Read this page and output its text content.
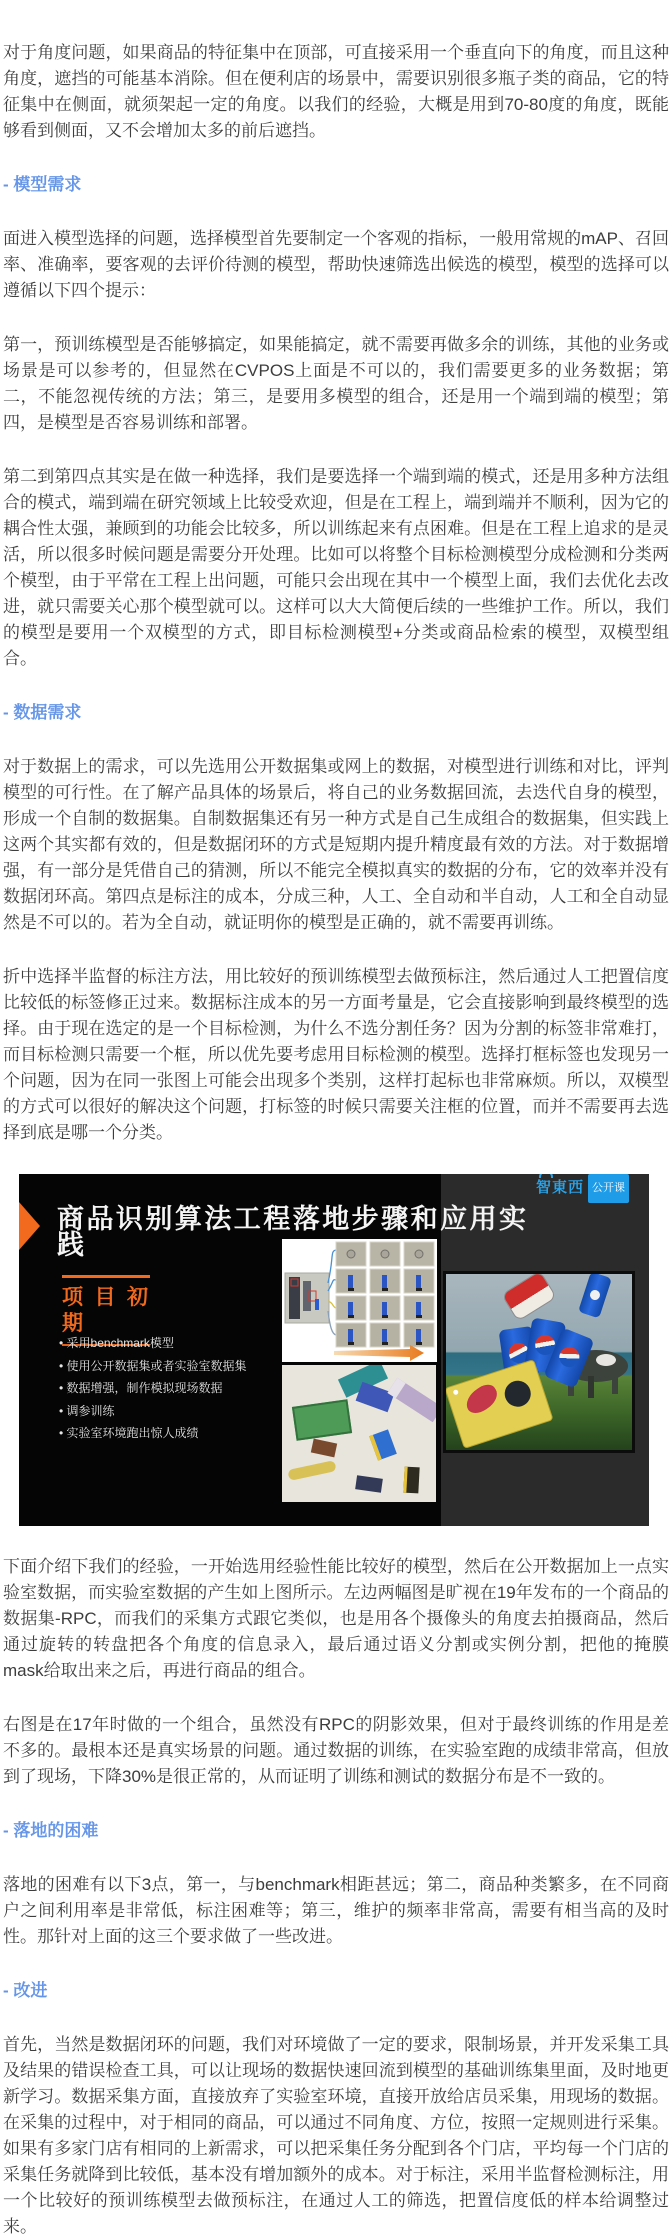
对于角度问题，如果商品的特征集中在顶部，可直接采用一个垂直向下的角度，而且这种角度，遮挡的可能基本消除。但在便利店的场景中，需要识别很多瓶子类的商品，它的特征集中在侧面，就须架起一定的角度。以我们的经验，大概是用到70-80度的角度，既能够看到侧面，又不会增加太多的前后遮挡。

- 模型需求

面进入模型选择的问题，选择模型首先要制定一个客观的指标，一般用常规的mAP、召回率、准确率，要客观的去评价待测的模型，帮助快速筛选出候选的模型，模型的选择可以遵循以下四个提示：

第一，预训练模型是否能够搞定，如果能搞定，就不需要再做多余的训练，其他的业务或场景是可以参考的，但显然在CVPOS上面是不可以的，我们需要更多的业务数据；第二，不能忽视传统的方法；第三，是要用多模型的组合，还是用一个端到端的模型；第四，是模型是否容易训练和部署。

第二到第四点其实是在做一种选择，我们是要选择一个端到端的模式，还是用多种方法组合的模式，端到端在研究领域上比较受欢迎，但是在工程上，端到端并不顺利，因为它的耦合性太强，兼顾到的功能会比较多，所以训练起来有点困难。但是在工程上追求的是灵活，所以很多时候问题是需要分开处理。比如可以将整个目标检测模型分成检测和分类两个模型，由于平常在工程上出问题，可能只会出现在其中一个模型上面，我们去优化去改进，就只需要关心那个模型就可以。这样可以大大简便后续的一些维护工作。所以，我们的模型是要用一个双模型的方式，即目标检测模型+分类或商品检索的模型，双模型组合。

- 数据需求

对于数据上的需求，可以先选用公开数据集或网上的数据，对模型进行训练和对比，评判模型的可行性。在了解产品具体的场景后，将自己的业务数据回流，去迭代自身的模型，形成一个自制的数据集。自制数据集还有另一种方式是自己生成组合的数据集，但实践上这两个其实都有效的，但是数据闭环的方式是短期内提升精度最有效的方法。对于数据增强，有一部分是凭借自己的猜测，所以不能完全模拟真实的数据的分布，它的效率并没有数据闭环高。第四点是标注的成本，分成三种，人工、全自动和半自动，人工和全自动显然是不可以的。若为全自动，就证明你的模型是正确的，就不需要再训练。

折中选择半监督的标注方法，用比较好的预训练模型去做预标注，然后通过人工把置信度比较低的标签修正过来。数据标注成本的另一方面考量是，它会直接影响到最终模型的选择。由于现在选定的是一个目标检测，为什么不选分割任务？因为分割的标签非常难打，而目标检测只需要一个框，所以优先要考虑用目标检测的模型。选择打框标签也发现另一个问题，因为在同一张图上可能会出现多个类别，这样打起标也非常麻烦。所以，双模型的方式可以很好的解决这个问题，打标签的时候只需要关注框的位置，而并不需要再去选择到底是哪一个分类。

商品识别算法工程落地步骤和应用实践
智東西 公开课
项目初期
• 采用benchmark模型
• 使用公开数据集或者实验室数据集
• 数据增强，制作模拟现场数据
• 调参训练
• 实验室环境跑出惊人成绩

下面介绍下我们的经验，一开始选用经验性能比较好的模型，然后在公开数据加上一点实验室数据，而实验室数据的产生如上图所示。左边两幅图是旷视在19年发布的一个商品的数据集-RPC，而我们的采集方式跟它类似，也是用各个摄像头的角度去拍摄商品，然后通过旋转的转盘把各个角度的信息录入，最后通过语义分割或实例分割，把他的掩膜mask给取出来之后，再进行商品的组合。

右图是在17年时做的一个组合，虽然没有RPC的阴影效果，但对于最终训练的作用是差不多的。最根本还是真实场景的问题。通过数据的训练，在实验室跑的成绩非常高，但放到了现场，下降30%是很正常的，从而证明了训练和测试的数据分布是不一致的。

- 落地的困难

落地的困难有以下3点，第一，与benchmark相距甚远；第二，商品种类繁多，在不同商户之间利用率是非常低，标注困难等；第三，维护的频率非常高，需要有相当高的及时性。那针对上面的这三个要求做了一些改进。

- 改进

首先，当然是数据闭环的问题，我们对环境做了一定的要求，限制场景，并开发采集工具及结果的错误检查工具，可以让现场的数据快速回流到模型的基础训练集里面，及时地更新学习。数据采集方面，直接放弃了实验室环境，直接开放给店员采集，用现场的数据。在采集的过程中，对于相同的商品，可以通过不同角度、方位，按照一定规则进行采集。如果有多家门店有相同的上新需求，可以把采集任务分配到各个门店，平均每一个门店的采集任务就降到比较低，基本没有增加额外的成本。对于标注，采用半监督检测标注，用一个比较好的预训练模型去做预标注，在通过人工的筛选，把置信度低的样本给调整过来。
